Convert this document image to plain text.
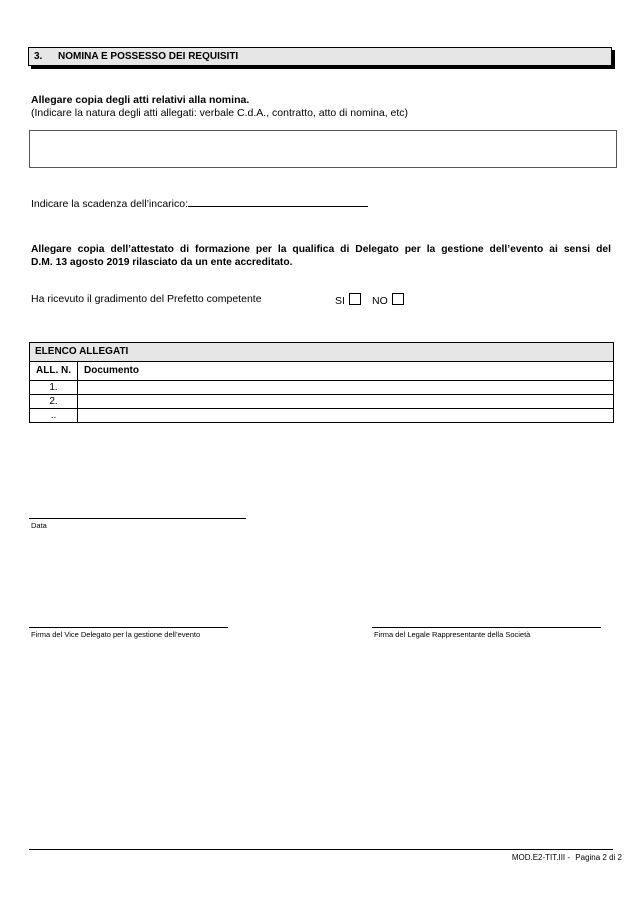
3. NOMINA E POSSESSO DEI REQUISITI
Allegare copia degli atti relativi alla nomina.
(Indicare la natura degli atti allegati: verbale C.d.A., contratto, atto di nomina, etc)
Indicare la scadenza dell’incarico:
Allegare copia dell’attestato di formazione per la qualifica di Delegato per la gestione dell’evento ai sensi del
D.M. 13 agosto 2019 rilasciato da un ente accreditato.
Ha ricevuto il gradimento del Prefetto competente	SI	NO
ELENCO ALLEGATI	
ALL. N.	Documento
1.	
2.	
..	
Data
Firma del Vice Delegato per la gestione dell’evento	Firma del Legale Rappresentante della Società
MOD.E2-TIT.III - Pagina 2 di 2
